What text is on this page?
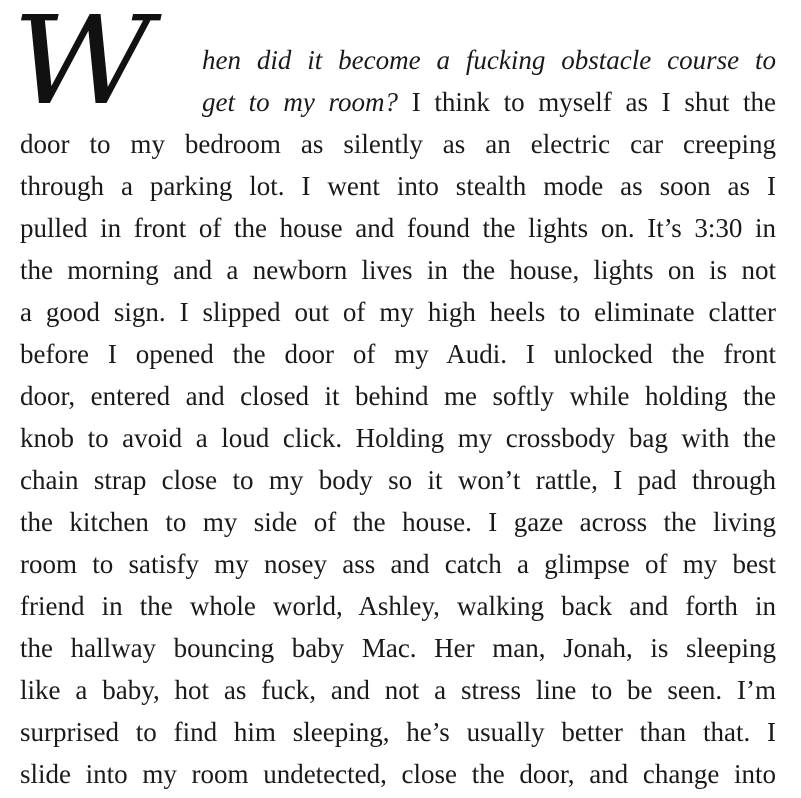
W hen did it become a fucking obstacle course to
get to my room? I think to myself as I shut the
door to my bedroom as silently as an electric car creeping
through a parking lot. I went into stealth mode as soon as I
pulled in front of the house and found the lights on. It’s 3:30 in
the morning and a newborn lives in the house, lights on is not
a good sign. I slipped out of my high heels to eliminate clatter
before I opened the door of my Audi. I unlocked the front
door, entered and closed it behind me softly while holding the
knob to avoid a loud click. Holding my crossbody bag with the
chain strap close to my body so it won’t rattle, I pad through
the kitchen to my side of the house. I gaze across the living
room to satisfy my nosey ass and catch a glimpse of my best
friend in the whole world, Ashley, walking back and forth in
the hallway bouncing baby Mac. Her man, Jonah, is sleeping
like a baby, hot as fuck, and not a stress line to be seen. I’m
surprised to find him sleeping, he’s usually better than that. I
slide into my room undetected, close the door, and change into
